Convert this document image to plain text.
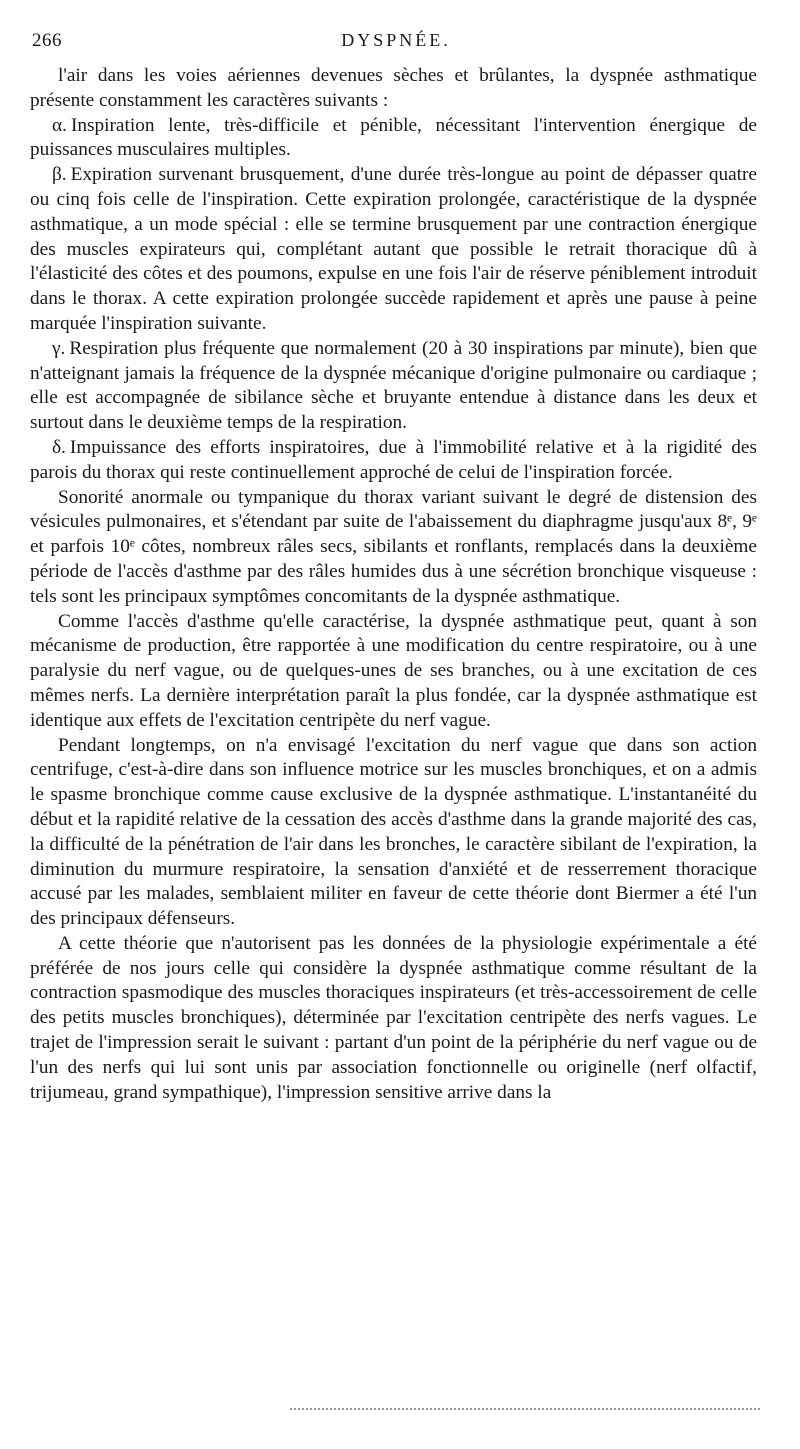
266	DYSPNÉE.

l'air dans les voies aériennes devenues sèches et brûlantes, la dyspnée asthmatique présente constamment les caractères suivants :

α. Inspiration lente, très-difficile et pénible, nécessitant l'intervention énergique de puissances musculaires multiples.

β. Expiration survenant brusquement, d'une durée très-longue au point de dépasser quatre ou cinq fois celle de l'inspiration. Cette expiration prolongée, caractéristique de la dyspnée asthmatique, a un mode spécial : elle se termine brusquement par une contraction énergique des muscles expirateurs qui, complétant autant que possible le retrait thoracique dû à l'élasticité des côtes et des poumons, expulse en une fois l'air de réserve péniblement introduit dans le thorax. A cette expiration prolongée succède rapidement et après une pause à peine marquée l'inspiration suivante.

γ. Respiration plus fréquente que normalement (20 à 30 inspirations par minute), bien que n'atteignant jamais la fréquence de la dyspnée mécanique d'origine pulmonaire ou cardiaque ; elle est accompagnée de sibilance sèche et bruyante entendue à distance dans les deux et surtout dans le deuxième temps de la respiration.

δ. Impuissance des efforts inspiratoires, due à l'immobilité relative et à la rigidité des parois du thorax qui reste continuellement approché de celui de l'inspiration forcée.

Sonorité anormale ou tympanique du thorax variant suivant le degré de distension des vésicules pulmonaires, et s'étendant par suite de l'abaissement du diaphragme jusqu'aux 8ᵉ, 9ᵉ et parfois 10ᵉ côtes, nombreux râles secs, sibilants et ronflants, remplacés dans la deuxième période de l'accès d'asthme par des râles humides dus à une sécrétion bronchique visqueuse : tels sont les principaux symptômes concomitants de la dyspnée asthmatique.

Comme l'accès d'asthme qu'elle caractérise, la dyspnée asthmatique peut, quant à son mécanisme de production, être rapportée à une modification du centre respiratoire, ou à une paralysie du nerf vague, ou de quelques-unes de ses branches, ou à une excitation de ces mêmes nerfs. La dernière interprétation paraît la plus fondée, car la dyspnée asthmatique est identique aux effets de l'excitation centripète du nerf vague.

Pendant longtemps, on n'a envisagé l'excitation du nerf vague que dans son action centrifuge, c'est-à-dire dans son influence motrice sur les muscles bronchiques, et on a admis le spasme bronchique comme cause exclusive de la dyspnée asthmatique. L'instantanéité du début et la rapidité relative de la cessation des accès d'asthme dans la grande majorité des cas, la difficulté de la pénétration de l'air dans les bronches, le caractère sibilant de l'expiration, la diminution du murmure respiratoire, la sensation d'anxiété et de resserrement thoracique accusé par les malades, semblaient militer en faveur de cette théorie dont Biermer a été l'un des principaux défenseurs.

A cette théorie que n'autorisent pas les données de la physiologie expérimentale a été préférée de nos jours celle qui considère la dyspnée asthmatique comme résultant de la contraction spasmodique des muscles thoraciques inspirateurs (et très-accessoirement de celle des petits muscles bronchiques), déterminée par l'excitation centripète des nerfs vagues. Le trajet de l'impression serait le suivant : partant d'un point de la périphérie du nerf vague ou de l'un des nerfs qui lui sont unis par association fonctionnelle ou originelle (nerf olfactif, trijumeau, grand sympathique), l'impression sensitive arrive dans la
